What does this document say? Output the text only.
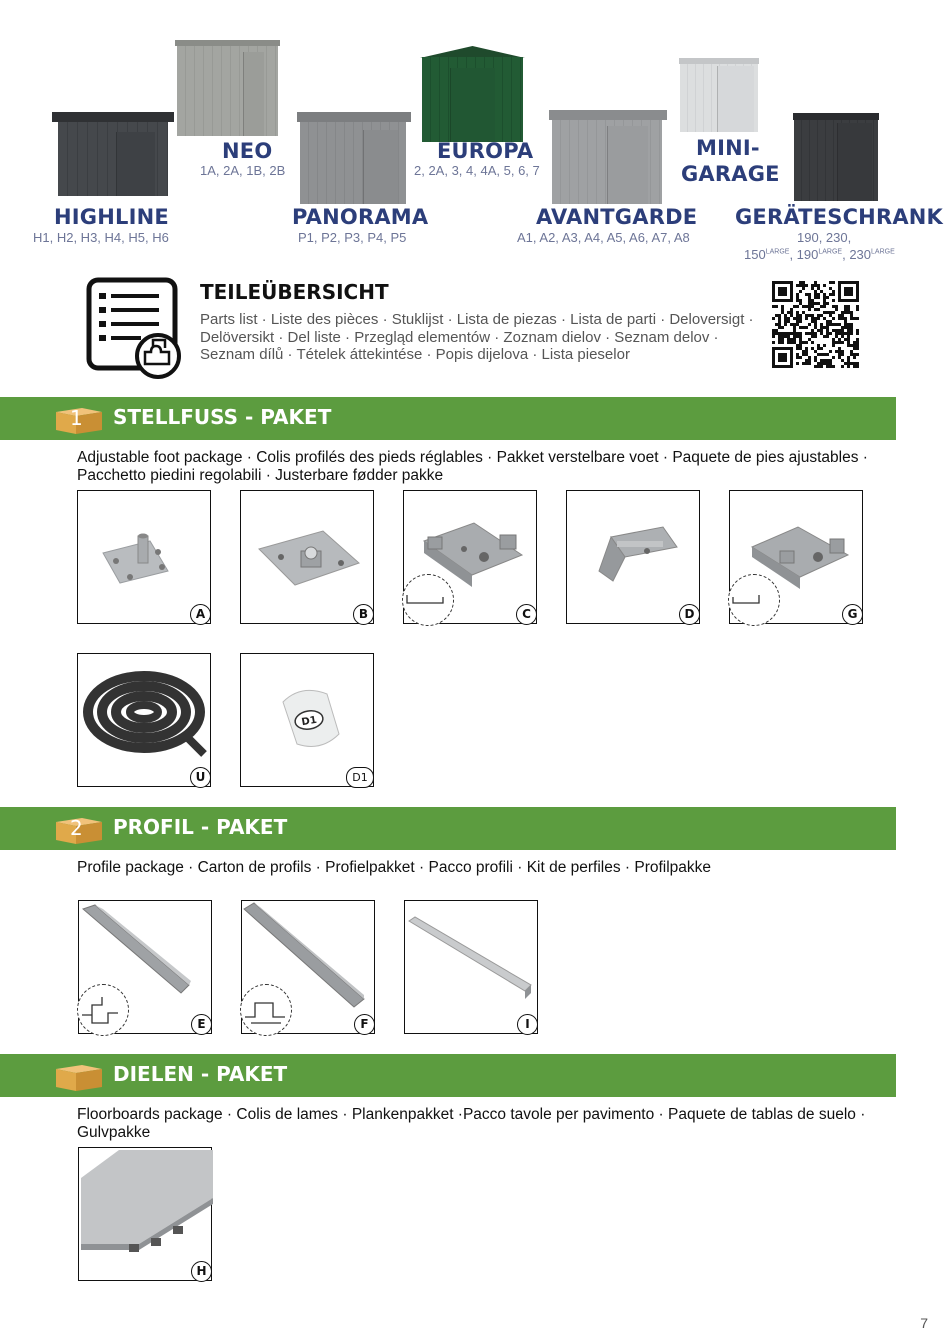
HIGHLINE
H1, H2, H3, H4, H5, H6
NEO
1A, 2A, 1B, 2B
PANORAMA
P1, P2, P3, P4, P5
EUROPA
2, 2A, 3, 4, 4A, 5, 6, 7
AVANTGARDE
A1, A2, A3, A4, A5, A6, A7, A8
MINI-
GARAGE
GERÄTESCHRANK
190, 230,
$150^{LARGE}$, $190^{LARGE}$, $230^{LARGE}$
TEILEÜBERSICHT
Parts list · Liste des pièces · Stuklijst · Lista de piezas · Lista de parti · Deloversigt · Delöversikt · Del liste · Przegląd elementów · Zoznam dielov · Seznam delov · Seznam dílů · Tételek áttekintése · Popis dijelova · Lista pieselor
1 STELLFUSS - PAKET
Adjustable foot package · Colis profilés des pieds réglables · Pakket verstelbare voet · Paquete de pies ajustables · Pacchetto piedini regolabili · Justerbare fødder pakke
A	B	C	D	G
U
D1
D1
2 PROFIL - PAKET
Profile package · Carton de profils · Profielpakket · Pacco profili · Kit de perfiles · Profilpakke
E	F	I
DIELEN - PAKET
Floorboards package · Colis de lames · Plankenpakket ·Pacco tavole per pavimento · Paquete de tablas de suelo · Gulvpakke
H
7
